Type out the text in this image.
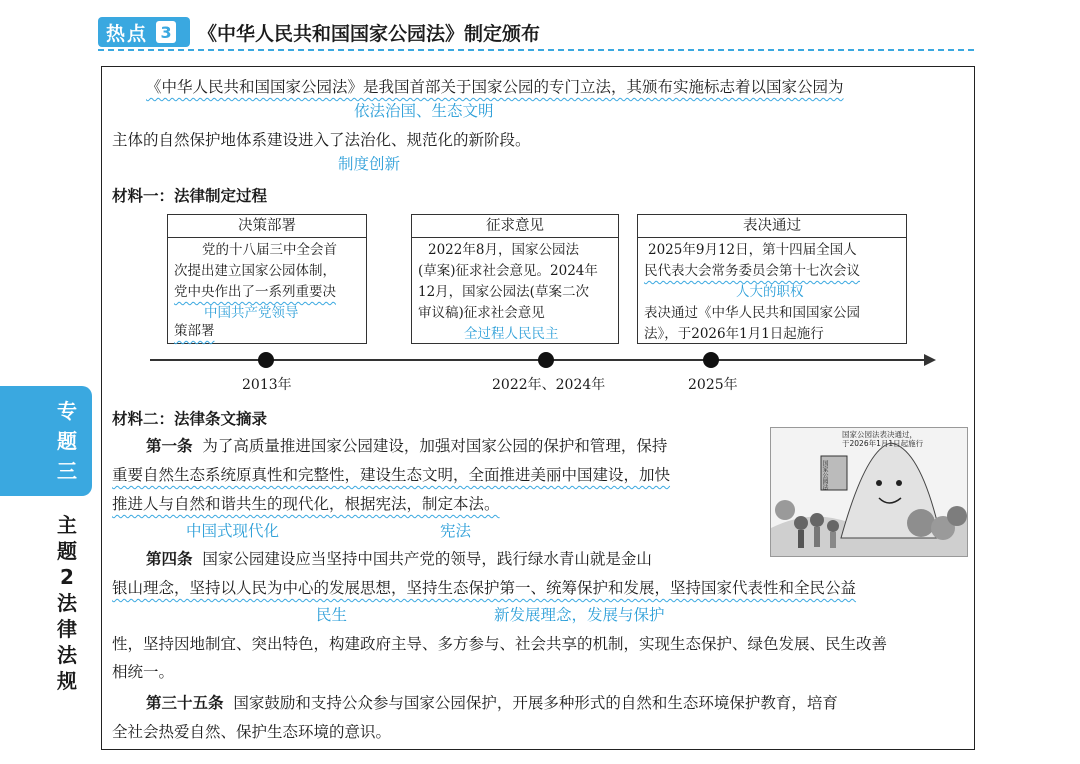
热点 3 《中华人民共和国国家公园法》制定颁布
专
题
三
主
题
2
法
律
法
规
《中华人民共和国国家公园法》是我国首部关于国家公园的专门立法，其颁布实施标志着以国家公园为
依法治国、生态文明
主体的自然保护地体系建设进入了法治化、规范化的新阶段。
制度创新
材料一：法律制定过程
决策部署
党的十八届三中全会首
次提出建立国家公园体制，
党中央作出了一系列重要决
中国共产党领导
策部署
征求意见
2022年8月，国家公园法
(草案)征求社会意见。2024年
12月，国家公园法(草案二次
审议稿)征求社会意见
全过程人民民主
表决通过
2025年9月12日，第十四届全国人
民代表大会常务委员会第十七次会议
人大的职权
表决通过《中华人民共和国国家公园
法》，于2026年1月1日起施行
2013年	2022年、2024年	2025年
材料二：法律条文摘录
第一条 为了高质量推进国家公园建设，加强对国家公园的保护和管理，保持
重要自然生态系统原真性和完整性，建设生态文明，全面推进美丽中国建设，加快
推进人与自然和谐共生的现代化，根据宪法，制定本法。
中国式现代化	宪法
第四条 国家公园建设应当坚持中国共产党的领导，践行绿水青山就是金山
银山理念，坚持以人民为中心的发展思想，坚持生态保护第一、统筹保护和发展，坚持国家代表性和全民公益
民生	新发展理念，发展与保护
性，坚持因地制宜、突出特色，构建政府主导、多方参与、社会共享的机制，实现生态保护、绿色发展、民生改善
相统一。
第三十五条 国家鼓励和支持公众参与国家公园保护，开展多种形式的自然和生态环境保护教育，培育
全社会热爱自然、保护生态环境的意识。
国家公园法表决通过，
于2026年1月1日起施行
国家公园法
